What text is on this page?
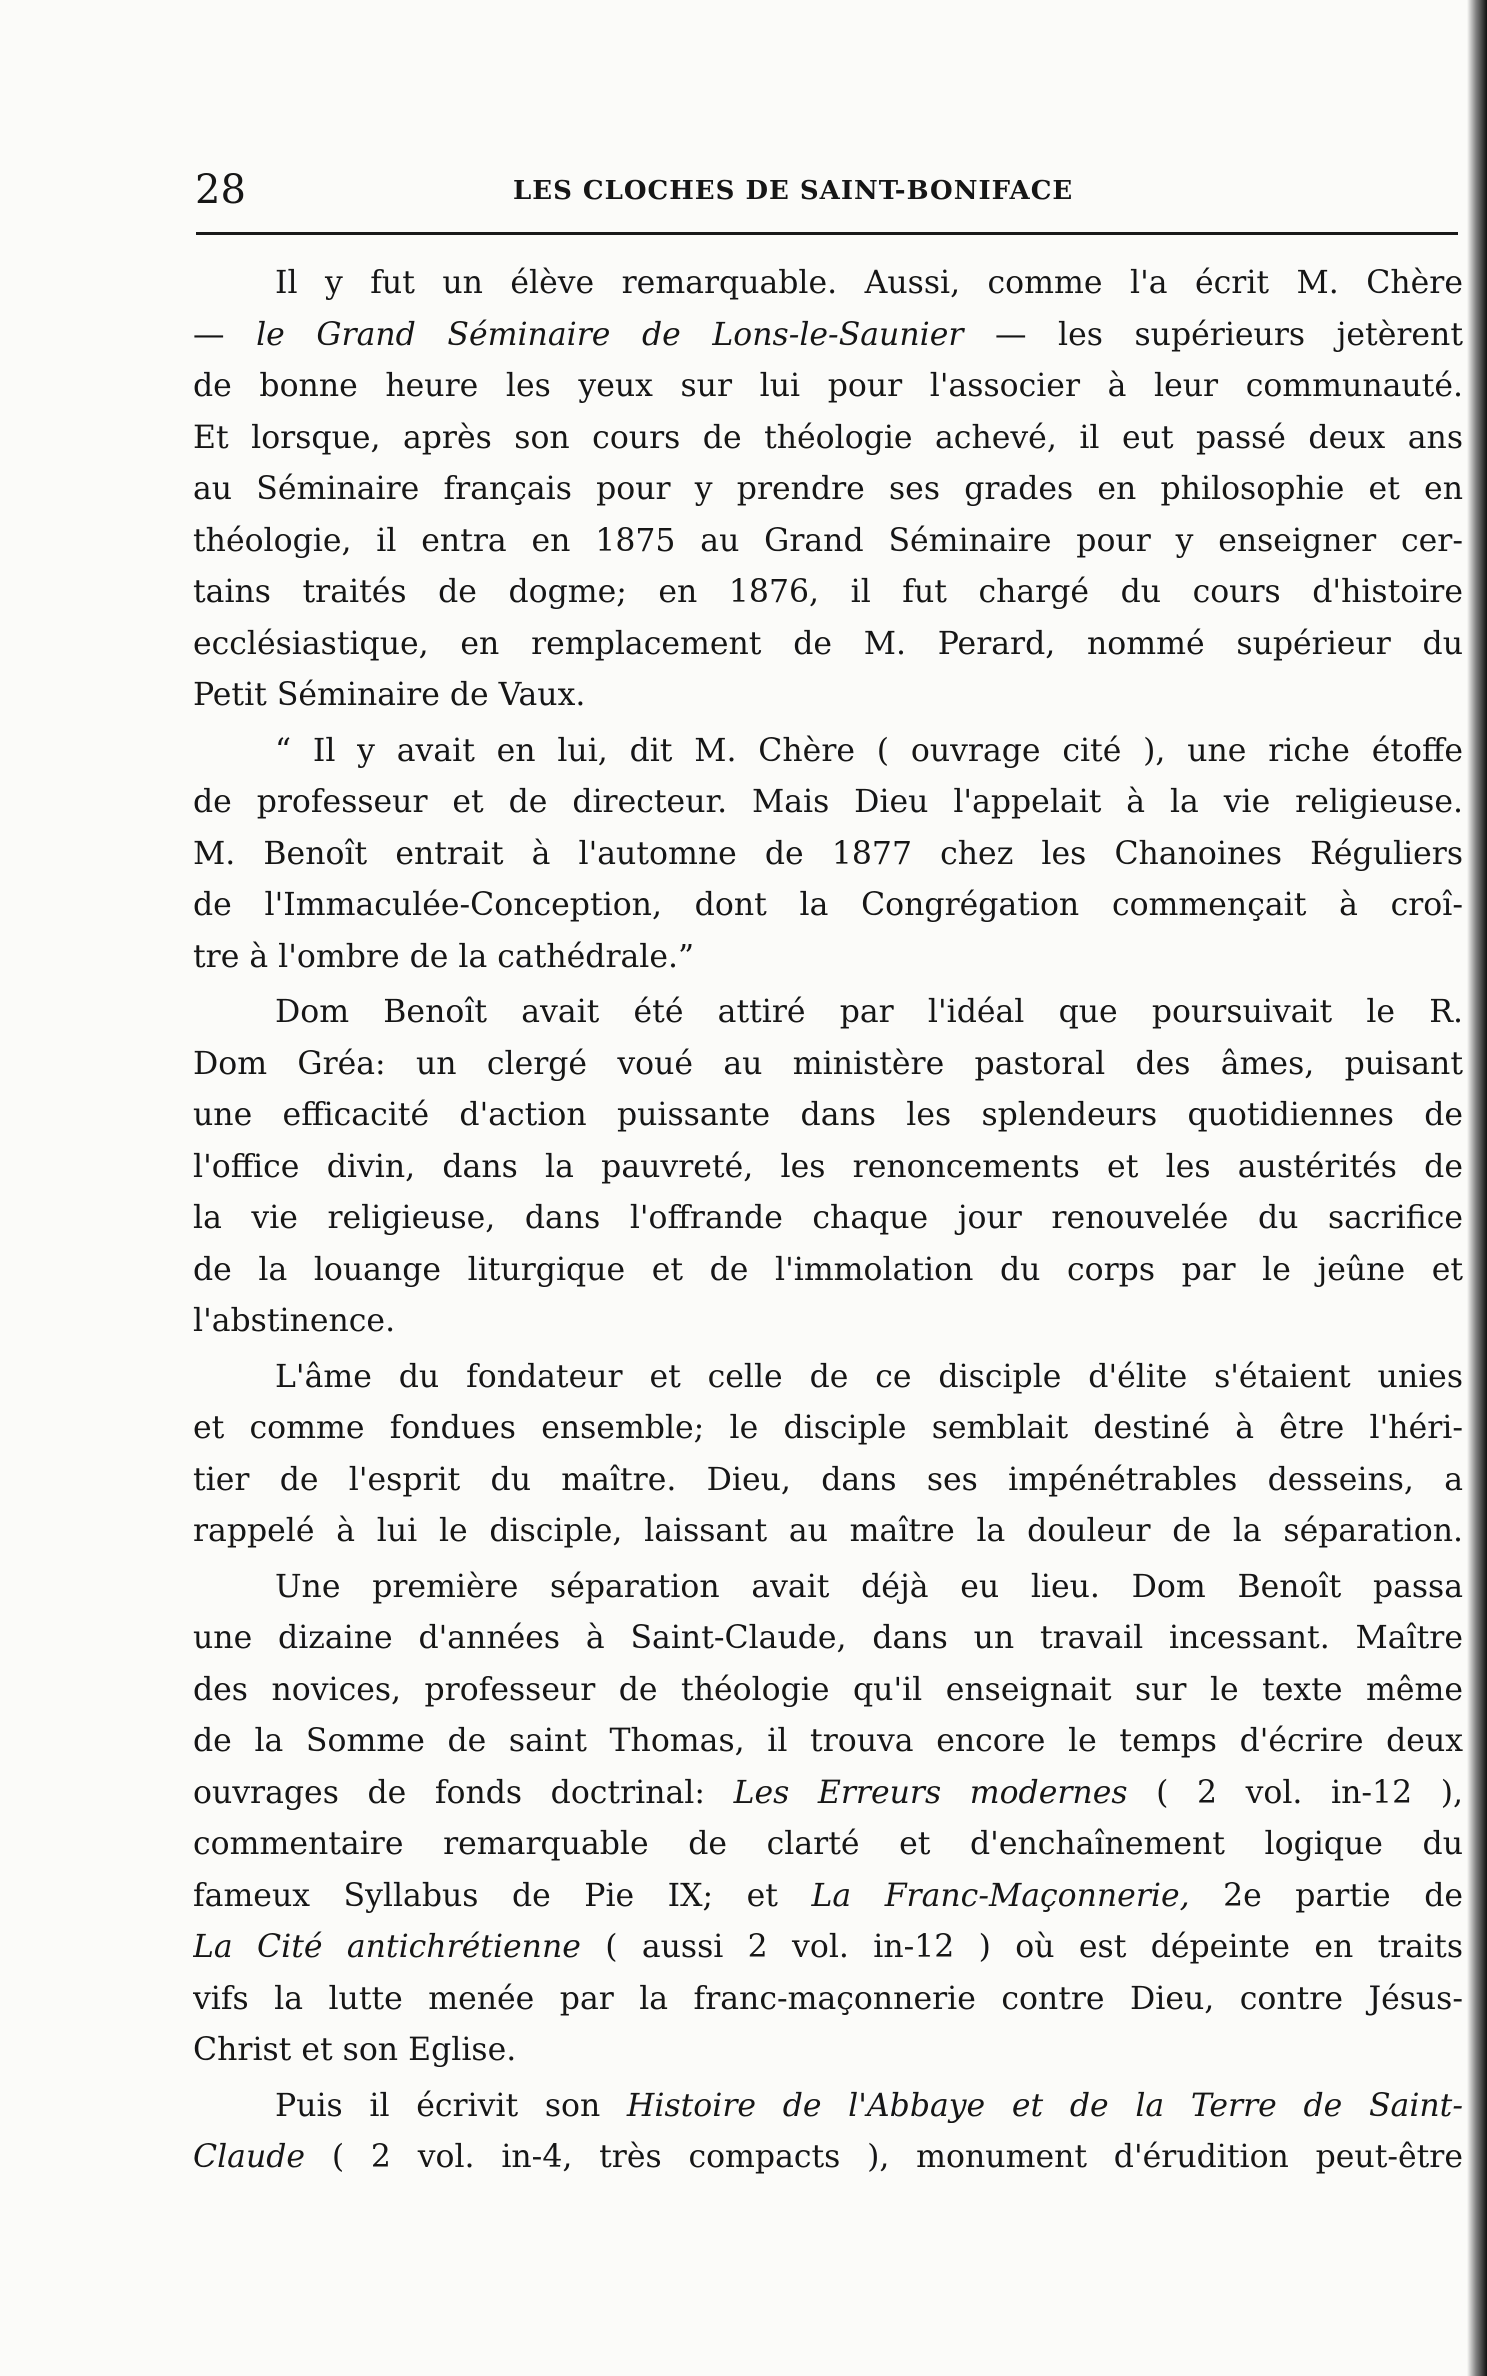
28	LES CLOCHES DE SAINT-BONIFACE
Il y fut un élève remarquable. Aussi, comme l'a écrit M. Chère
— le Grand Séminaire de Lons-le-Saunier — les supérieurs jetèrent
de bonne heure les yeux sur lui pour l'associer à leur communauté.
Et lorsque, après son cours de théologie achevé, il eut passé deux ans
au Séminaire français pour y prendre ses grades en philosophie et en
théologie, il entra en 1875 au Grand Séminaire pour y enseigner cer-
tains traités de dogme; en 1876, il fut chargé du cours d'histoire
ecclésiastique, en remplacement de M. Perard, nommé supérieur du
Petit Séminaire de Vaux.
“ Il y avait en lui, dit M. Chère ( ouvrage cité ), une riche étoffe
de professeur et de directeur. Mais Dieu l'appelait à la vie religieuse.
M. Benoît entrait à l'automne de 1877 chez les Chanoines Réguliers
de l'Immaculée-Conception, dont la Congrégation commençait à croî-
tre à l'ombre de la cathédrale.”
Dom Benoît avait été attiré par l'idéal que poursuivait le R.
Dom Gréa: un clergé voué au ministère pastoral des âmes, puisant
une efficacité d'action puissante dans les splendeurs quotidiennes de
l'office divin, dans la pauvreté, les renoncements et les austérités de
la vie religieuse, dans l'offrande chaque jour renouvelée du sacrifice
de la louange liturgique et de l'immolation du corps par le jeûne et
l'abstinence.
L'âme du fondateur et celle de ce disciple d'élite s'étaient unies
et comme fondues ensemble; le disciple semblait destiné à être l'héri-
tier de l'esprit du maître. Dieu, dans ses impénétrables desseins, a
rappelé à lui le disciple, laissant au maître la douleur de la séparation.
Une première séparation avait déjà eu lieu. Dom Benoît passa
une dizaine d'années à Saint-Claude, dans un travail incessant. Maître
des novices, professeur de théologie qu'il enseignait sur le texte même
de la Somme de saint Thomas, il trouva encore le temps d'écrire deux
ouvrages de fonds doctrinal: Les Erreurs modernes ( 2 vol. in-12 ),
commentaire remarquable de clarté et d'enchaînement logique du
fameux Syllabus de Pie IX; et La Franc-Maçonnerie, 2e partie de
La Cité antichrétienne ( aussi 2 vol. in-12 ) où est dépeinte en traits
vifs la lutte menée par la franc-maçonnerie contre Dieu, contre Jésus-
Christ et son Eglise.
Puis il écrivit son Histoire de l'Abbaye et de la Terre de Saint-
Claude ( 2 vol. in-4, très compacts ), monument d'érudition peut-être
